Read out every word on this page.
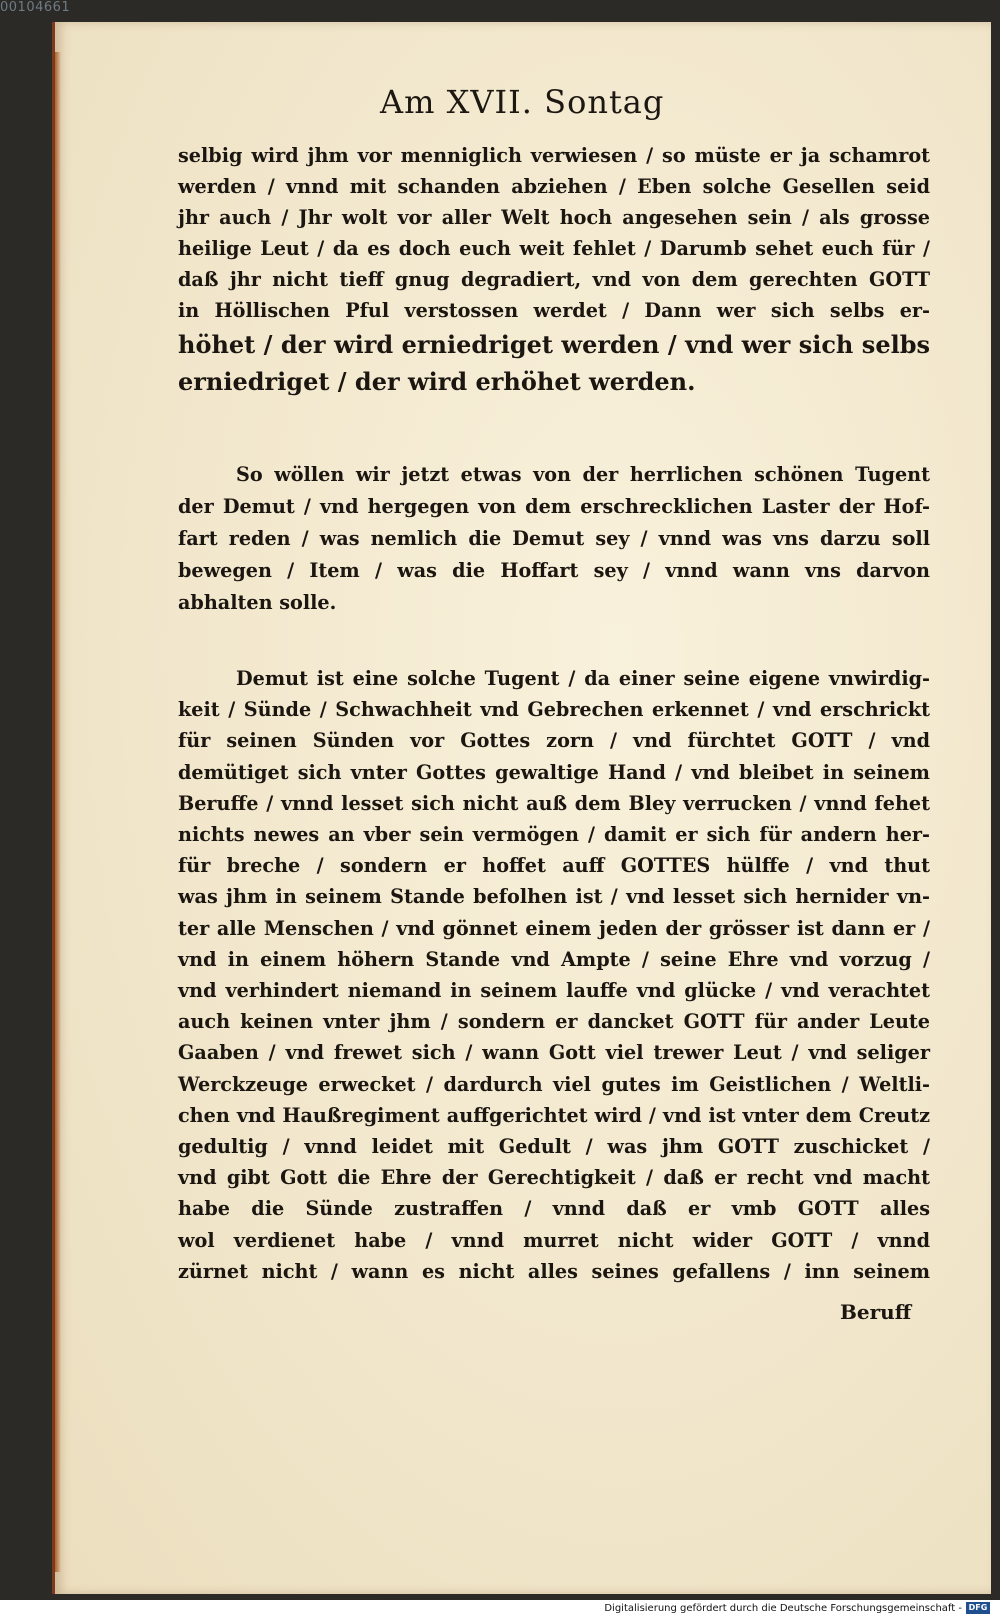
00104661
Am XVII. Sontag
selbig wird jhm vor menniglich verwiesen / so müste er ja schamrot
werden / vnnd mit schanden abziehen / Eben solche Gesellen seid
jhr auch / Jhr wolt vor aller Welt hoch angesehen sein / als grosse
heilige Leut / da es doch euch weit fehlet / Darumb sehet euch für /
daß jhr nicht tieff gnug degradiert, vnd von dem gerechten GOTT
in Höllischen Pful verstossen werdet / Dann wer sich selbs er-
höhet / der wird erniedriget werden / vnd wer sich selbs
erniedriget / der wird erhöhet werden.
So wöllen wir jetzt etwas von der herrlichen schönen Tugent
der Demut / vnd hergegen von dem erschrecklichen Laster der Hof-
fart reden / was nemlich die Demut sey / vnnd was vns darzu soll
bewegen / Item / was die Hoffart sey / vnnd wann vns darvon
abhalten solle.
Demut ist eine solche Tugent / da einer seine eigene vnwirdig-
keit / Sünde / Schwachheit vnd Gebrechen erkennet / vnd erschrickt
für seinen Sünden vor Gottes zorn / vnd fürchtet GOTT / vnd
demütiget sich vnter Gottes gewaltige Hand / vnd bleibet in seinem
Beruffe / vnnd lesset sich nicht auß dem Bley verrucken / vnnd fehet
nichts newes an vber sein vermögen / damit er sich für andern her-
für breche / sondern er hoffet auff GOTTES hülffe / vnd thut
was jhm in seinem Stande befolhen ist / vnd lesset sich hernider vn-
ter alle Menschen / vnd gönnet einem jeden der grösser ist dann er /
vnd in einem höhern Stande vnd Ampte / seine Ehre vnd vorzug /
vnd verhindert niemand in seinem lauffe vnd glücke / vnd verachtet
auch keinen vnter jhm / sondern er dancket GOTT für ander Leute
Gaaben / vnd frewet sich / wann Gott viel trewer Leut / vnd seliger
Werckzeuge erwecket / dardurch viel gutes im Geistlichen / Weltli-
chen vnd Haußregiment auffgerichtet wird / vnd ist vnter dem Creutz
gedultig / vnnd leidet mit Gedult / was jhm GOTT zuschicket /
vnd gibt Gott die Ehre der Gerechtigkeit / daß er recht vnd macht
habe die Sünde zustraffen / vnnd daß er vmb GOTT alles
wol verdienet habe / vnnd murret nicht wider GOTT / vnnd
zürnet nicht / wann es nicht alles seines gefallens / inn seinem
Beruff
Digitalisierung gefördert durch die Deutsche Forschungsgemeinschaft - DFG
